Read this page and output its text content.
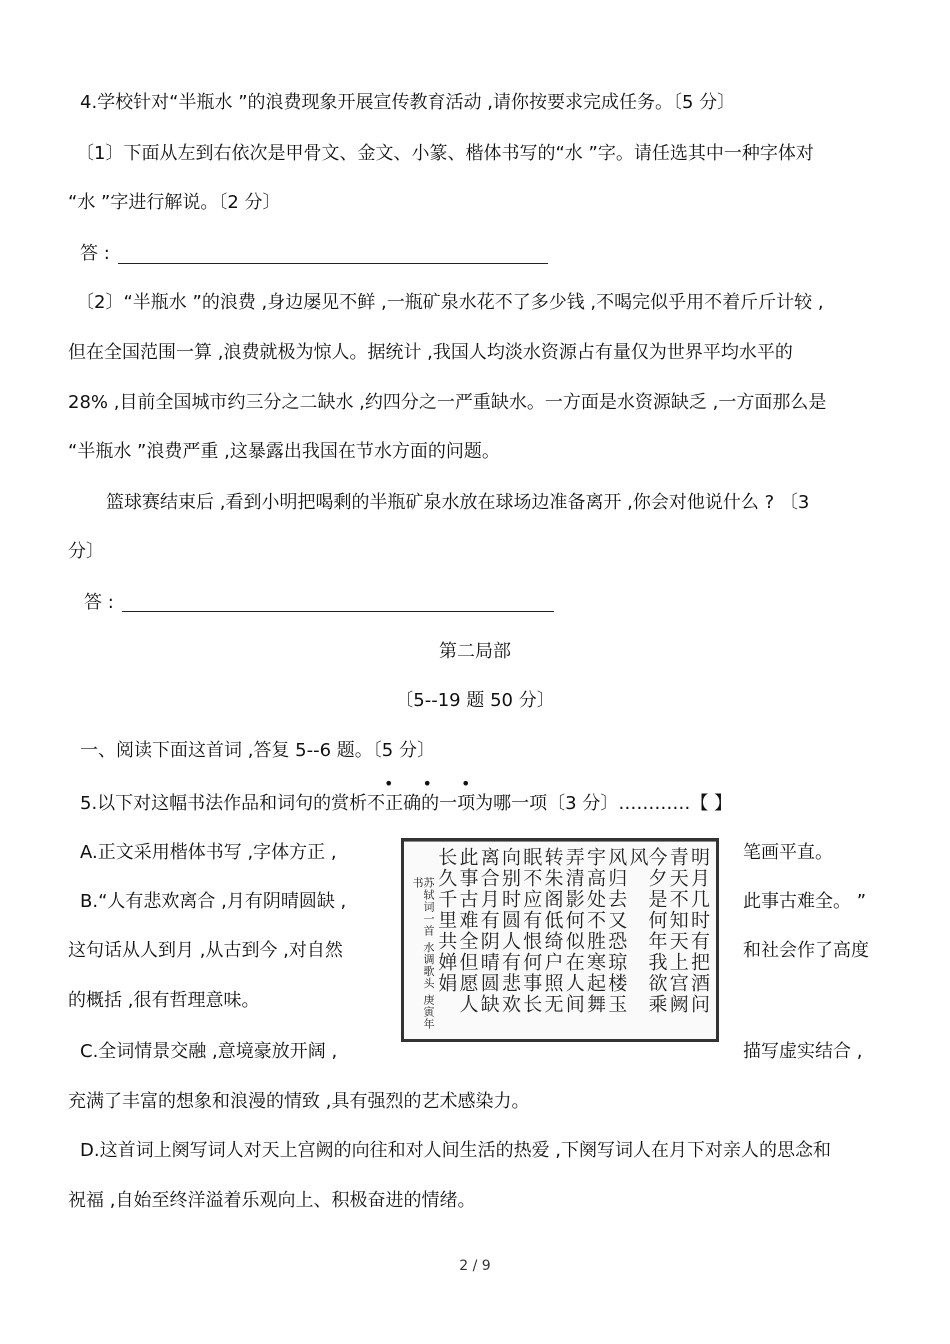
4.学校针对“半瓶水 ”的浪费现象开展宣传教育活动 ,请你按要求完成任务。〔5 分〕
〔1〕下面从左到右依次是甲骨文、金文、小篆、楷体书写的“水 ”字。请任选其中一种字体对
“水 ”字进行解说。〔2 分〕
答 :
〔2〕“半瓶水 ”的浪费 ,身边屡见不鲜 ,一瓶矿泉水花不了多少钱 ,不喝完似乎用不着斤斤计较 ,
但在全国范围一算 ,浪费就极为惊人。据统计 ,我国人均淡水资源占有量仅为世界平均水平的
28% ,目前全国城市约三分之二缺水 ,约四分之一严重缺水。一方面是水资源缺乏 ,一方面那么是
“半瓶水 ”浪费严重 ,这暴露出我国在节水方面的问题。
篮球赛结束后 ,看到小明把喝剩的半瓶矿泉水放在球场边准备离开 ,你会对他说什么 ? 〔3
分〕
答 :
第二局部
〔5--19 题 50 分〕
一、阅读下面这首词 ,答复 5--6 题。〔5 分〕
• • •
5.以下对这幅书法作品和词句的赏析不正确的一项为哪一项〔3 分〕…………【 】
A.正文采用楷体书写 ,字体方正 ,	笔画平直。
B.“人有悲欢离合 ,月有阴晴圆缺 ,	此事古难全。 ”
这句话从人到月 ,从古到今 ,对自然	和社会作了高度
的概括 ,很有哲理意味。
C.全词情景交融 ,意境豪放开阔 ,	描写虚实结合 ,
充满了丰富的想象和浪漫的情致 ,具有强烈的艺术感染力。
D.这首词上阕写词人对天上宫阙的向往和对人间生活的热爱 ,下阕写词人在月下对亲人的思念和
祝福 ,自始至终洋溢着乐观向上、积极奋进的情绪。
明月几时有把酒问
青天不知天上宫阙
今夕是何年我欲乘风
风归去又恐琼楼玉
宇高处不胜寒起舞
弄清影何似在人间
转朱阁低绮户照无
眠不应有恨何事长
向别时圆人有悲欢
离合月有阴晴圆缺
此事古难全但愿人
长久千里共婵娟
苏轼词一首 水调歌头 庚寅年 书
2 / 9
